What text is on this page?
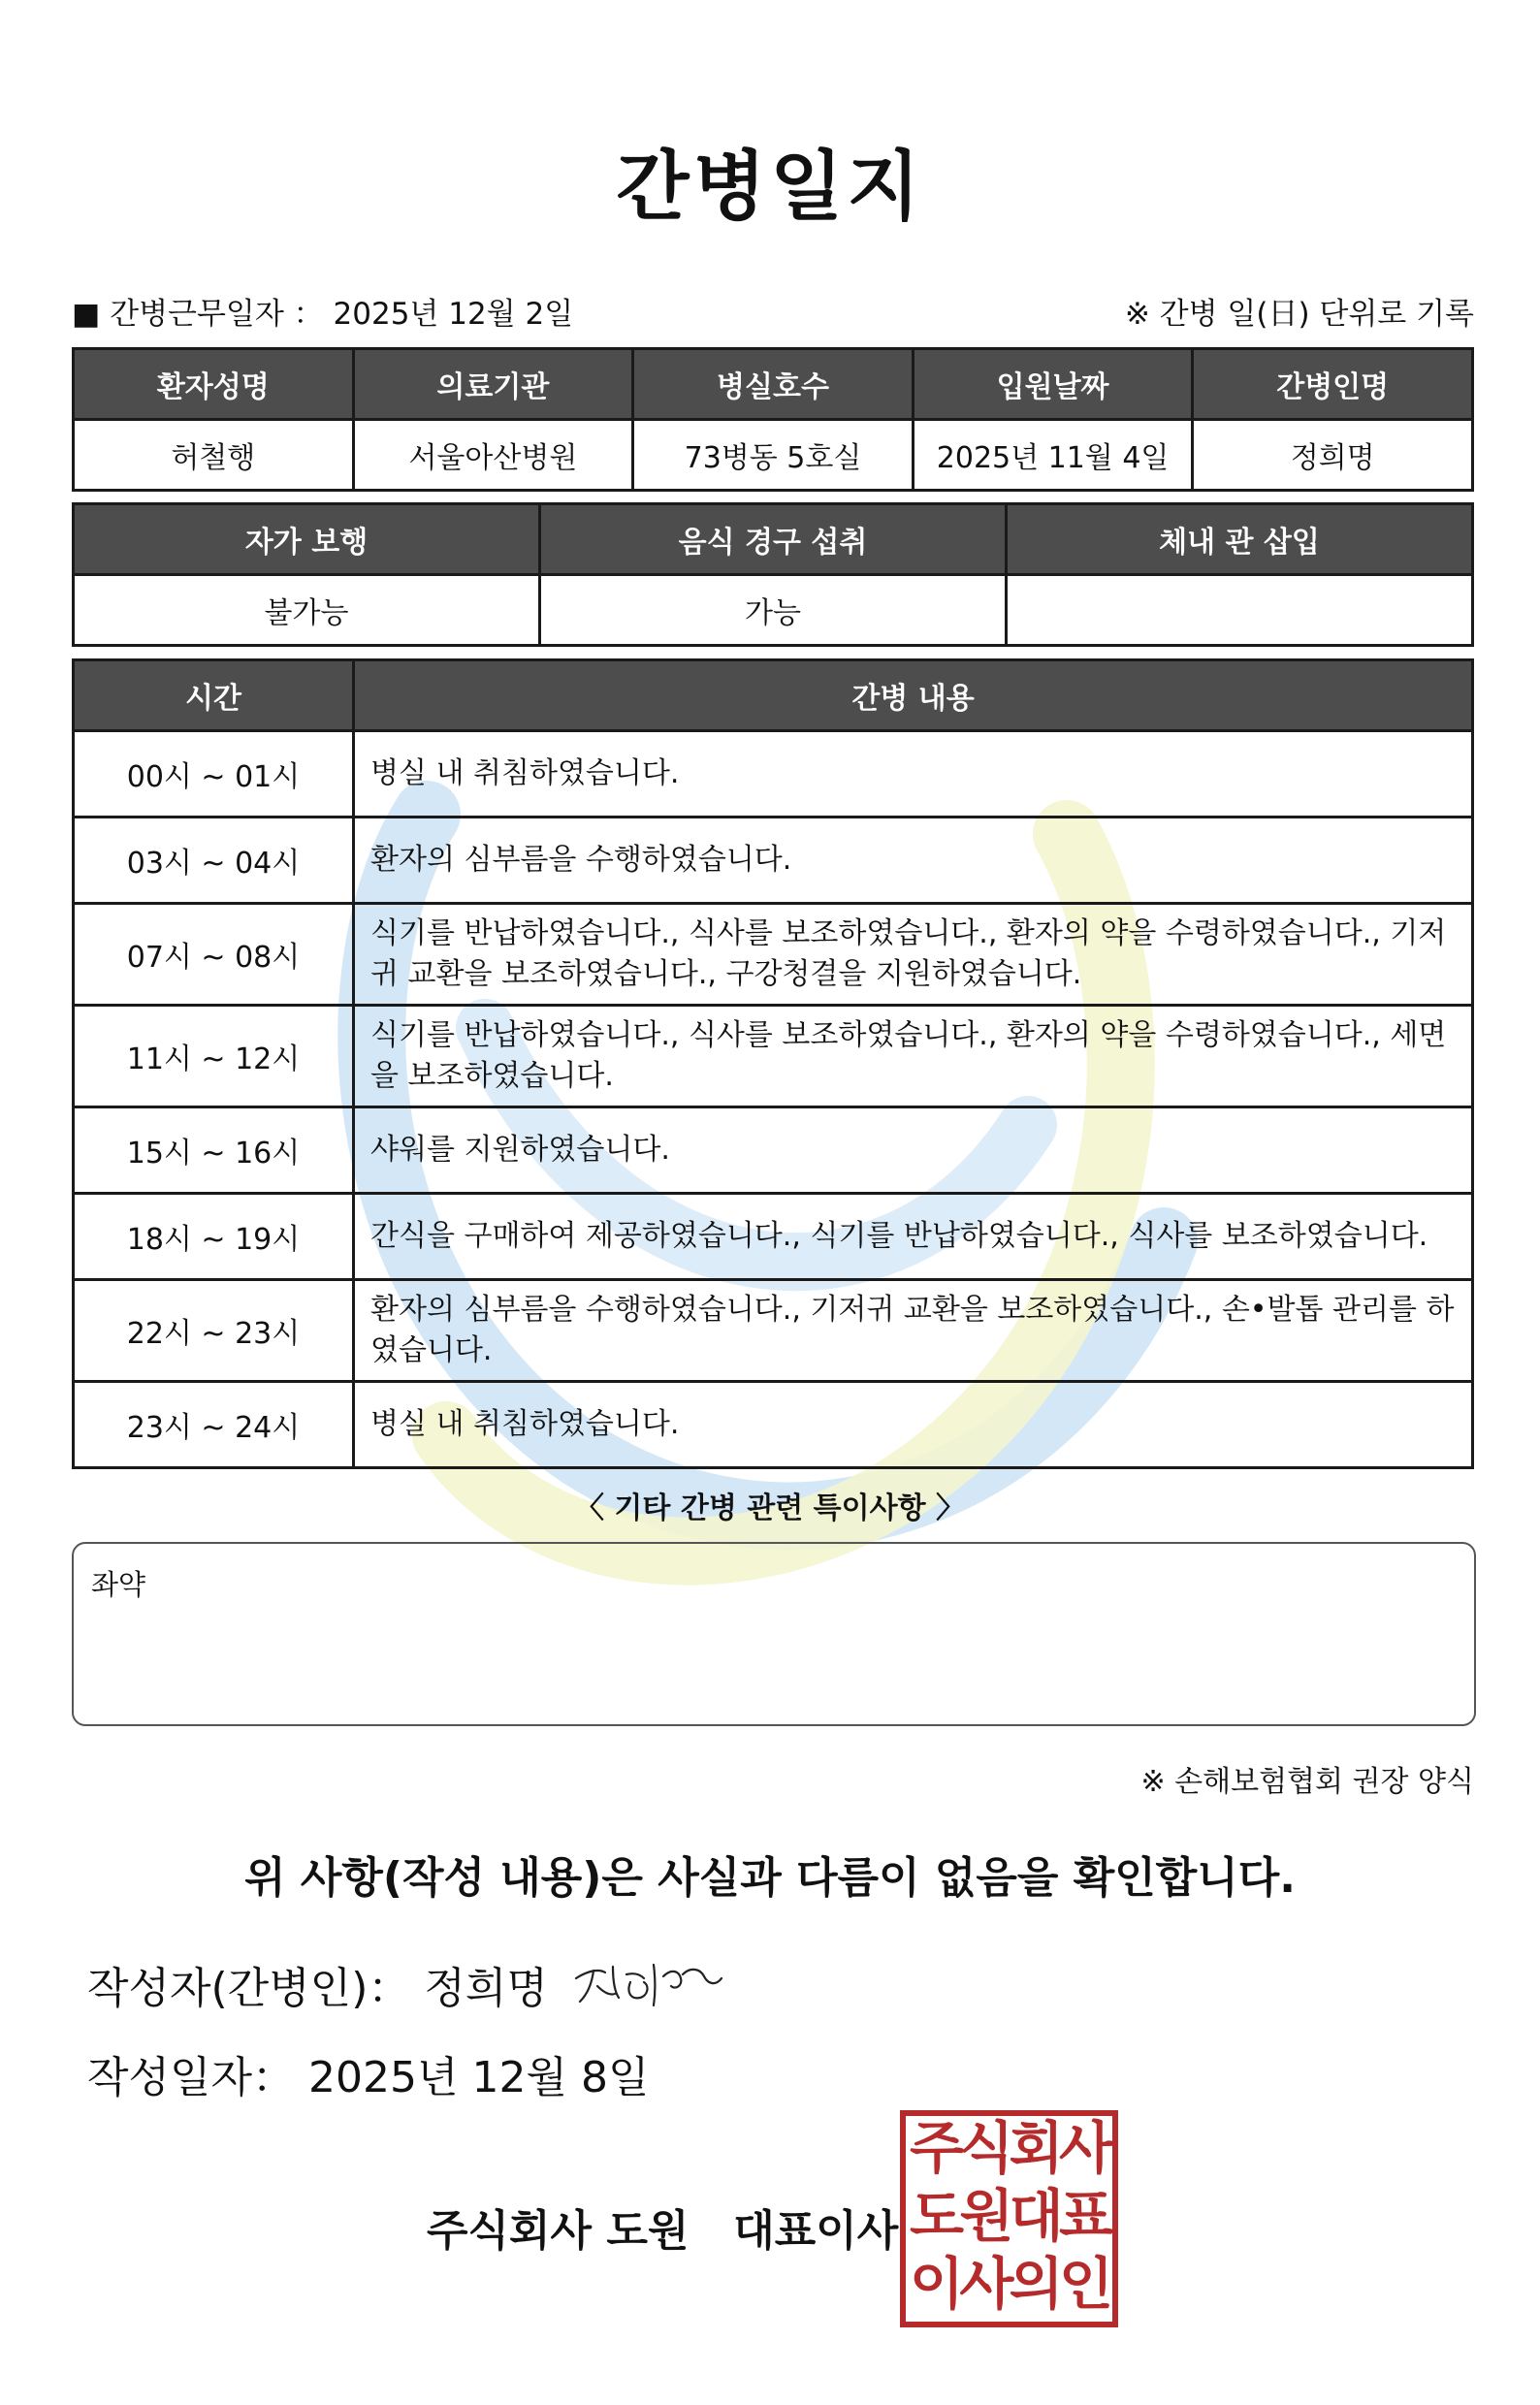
간병일지
■ 간병근무일자 ： 2025년 12월 2일	※ 간병 일(日) 단위로 기록
환자성명	의료기관	병실호수	입원날짜	간병인명
허철행	서울아산병원	73병동 5호실	2025년 11월 4일	정희명
자가 보행	음식 경구 섭취	체내 관 삽입
불가능	가능	
시간	간병 내용
00시 ~ 01시	병실 내 취침하였습니다.
03시 ~ 04시	환자의 심부름을 수행하였습니다.
07시 ~ 08시	식기를 반납하였습니다., 식사를 보조하였습니다., 환자의 약을 수령하였습니다., 기저귀 교환을 보조하였습니다., 구강청결을 지원하였습니다.
11시 ~ 12시	식기를 반납하였습니다., 식사를 보조하였습니다., 환자의 약을 수령하였습니다., 세면을 보조하였습니다.
15시 ~ 16시	샤워를 지원하였습니다.
18시 ~ 19시	간식을 구매하여 제공하였습니다., 식기를 반납하였습니다., 식사를 보조하였습니다.
22시 ~ 23시	환자의 심부름을 수행하였습니다., 기저귀 교환을 보조하였습니다., 손•발톱 관리를 하였습니다.
23시 ~ 24시	병실 내 취침하였습니다.
〈 기타 간병 관련 특이사항 〉
좌약
※ 손해보험협회 권장 양식
위 사항(작성 내용)은 사실과 다름이 없음을 확인합니다.
작성자(간병인)： 정희명
작성일자： 2025년 12월 8일
주식회사 도원   대표이사
주
식
회
사
도
원
대
표
이
사
의
인
